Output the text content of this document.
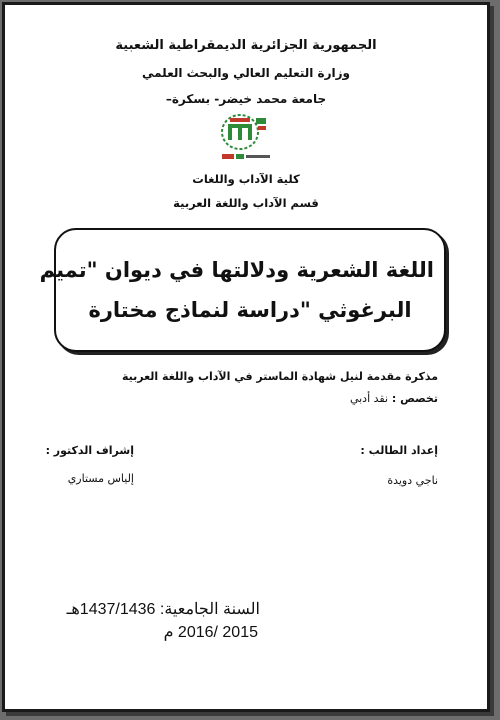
الجمهورية الجزائرية الديمقراطية الشعبية
وزارة التعليم العالي والبحث العلمي
جامعة محمد خيضر- بسكرة–
كلية الآداب واللغات
قسم الآداب واللغة العربية
اللغة الشعرية ودلالتها في ديوان "تميم
البرغوثي "دراسة لنماذج مختارة
مذكرة مقدمة لنيل شهادة الماستر في الآداب واللغة العربية
تخصص : نقد أدبي
إعداد الطالب :
ناجي دويدة
إشراف الدكتور :
إلياس مستاري
السنة الجامعية: 1437/1436هـ
2015 /2016 م
